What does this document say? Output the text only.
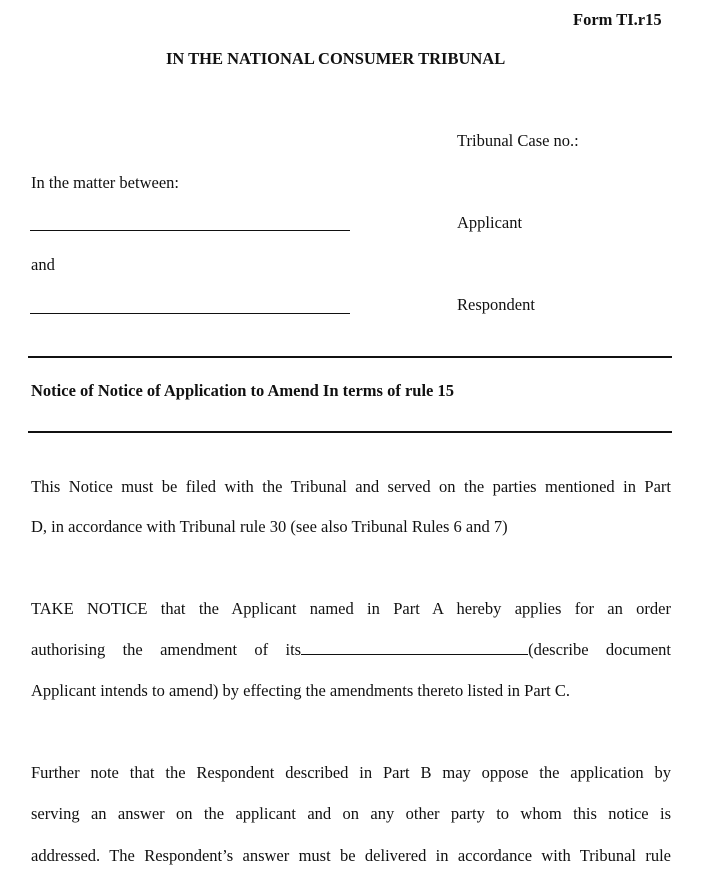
Form TI.r15
IN THE NATIONAL CONSUMER TRIBUNAL
Tribunal Case no.:
In the matter between:
Applicant
and
Respondent
Notice of Notice of Application to Amend In terms of rule 15
This Notice must be filed with the Tribunal and served on the parties mentioned in Part
D, in accordance with Tribunal rule 30 (see also Tribunal Rules 6 and 7)
TAKE NOTICE that the Applicant named in Part A hereby applies for an order
authorising the amendment of its	(describe document
Applicant intends to amend) by effecting the amendments thereto listed in Part C.
Further note that the Respondent described in Part B may oppose the application by
serving an answer on the applicant and on any other party to whom this notice is
addressed. The Respondent’s answer must be delivered in accordance with Tribunal rule
